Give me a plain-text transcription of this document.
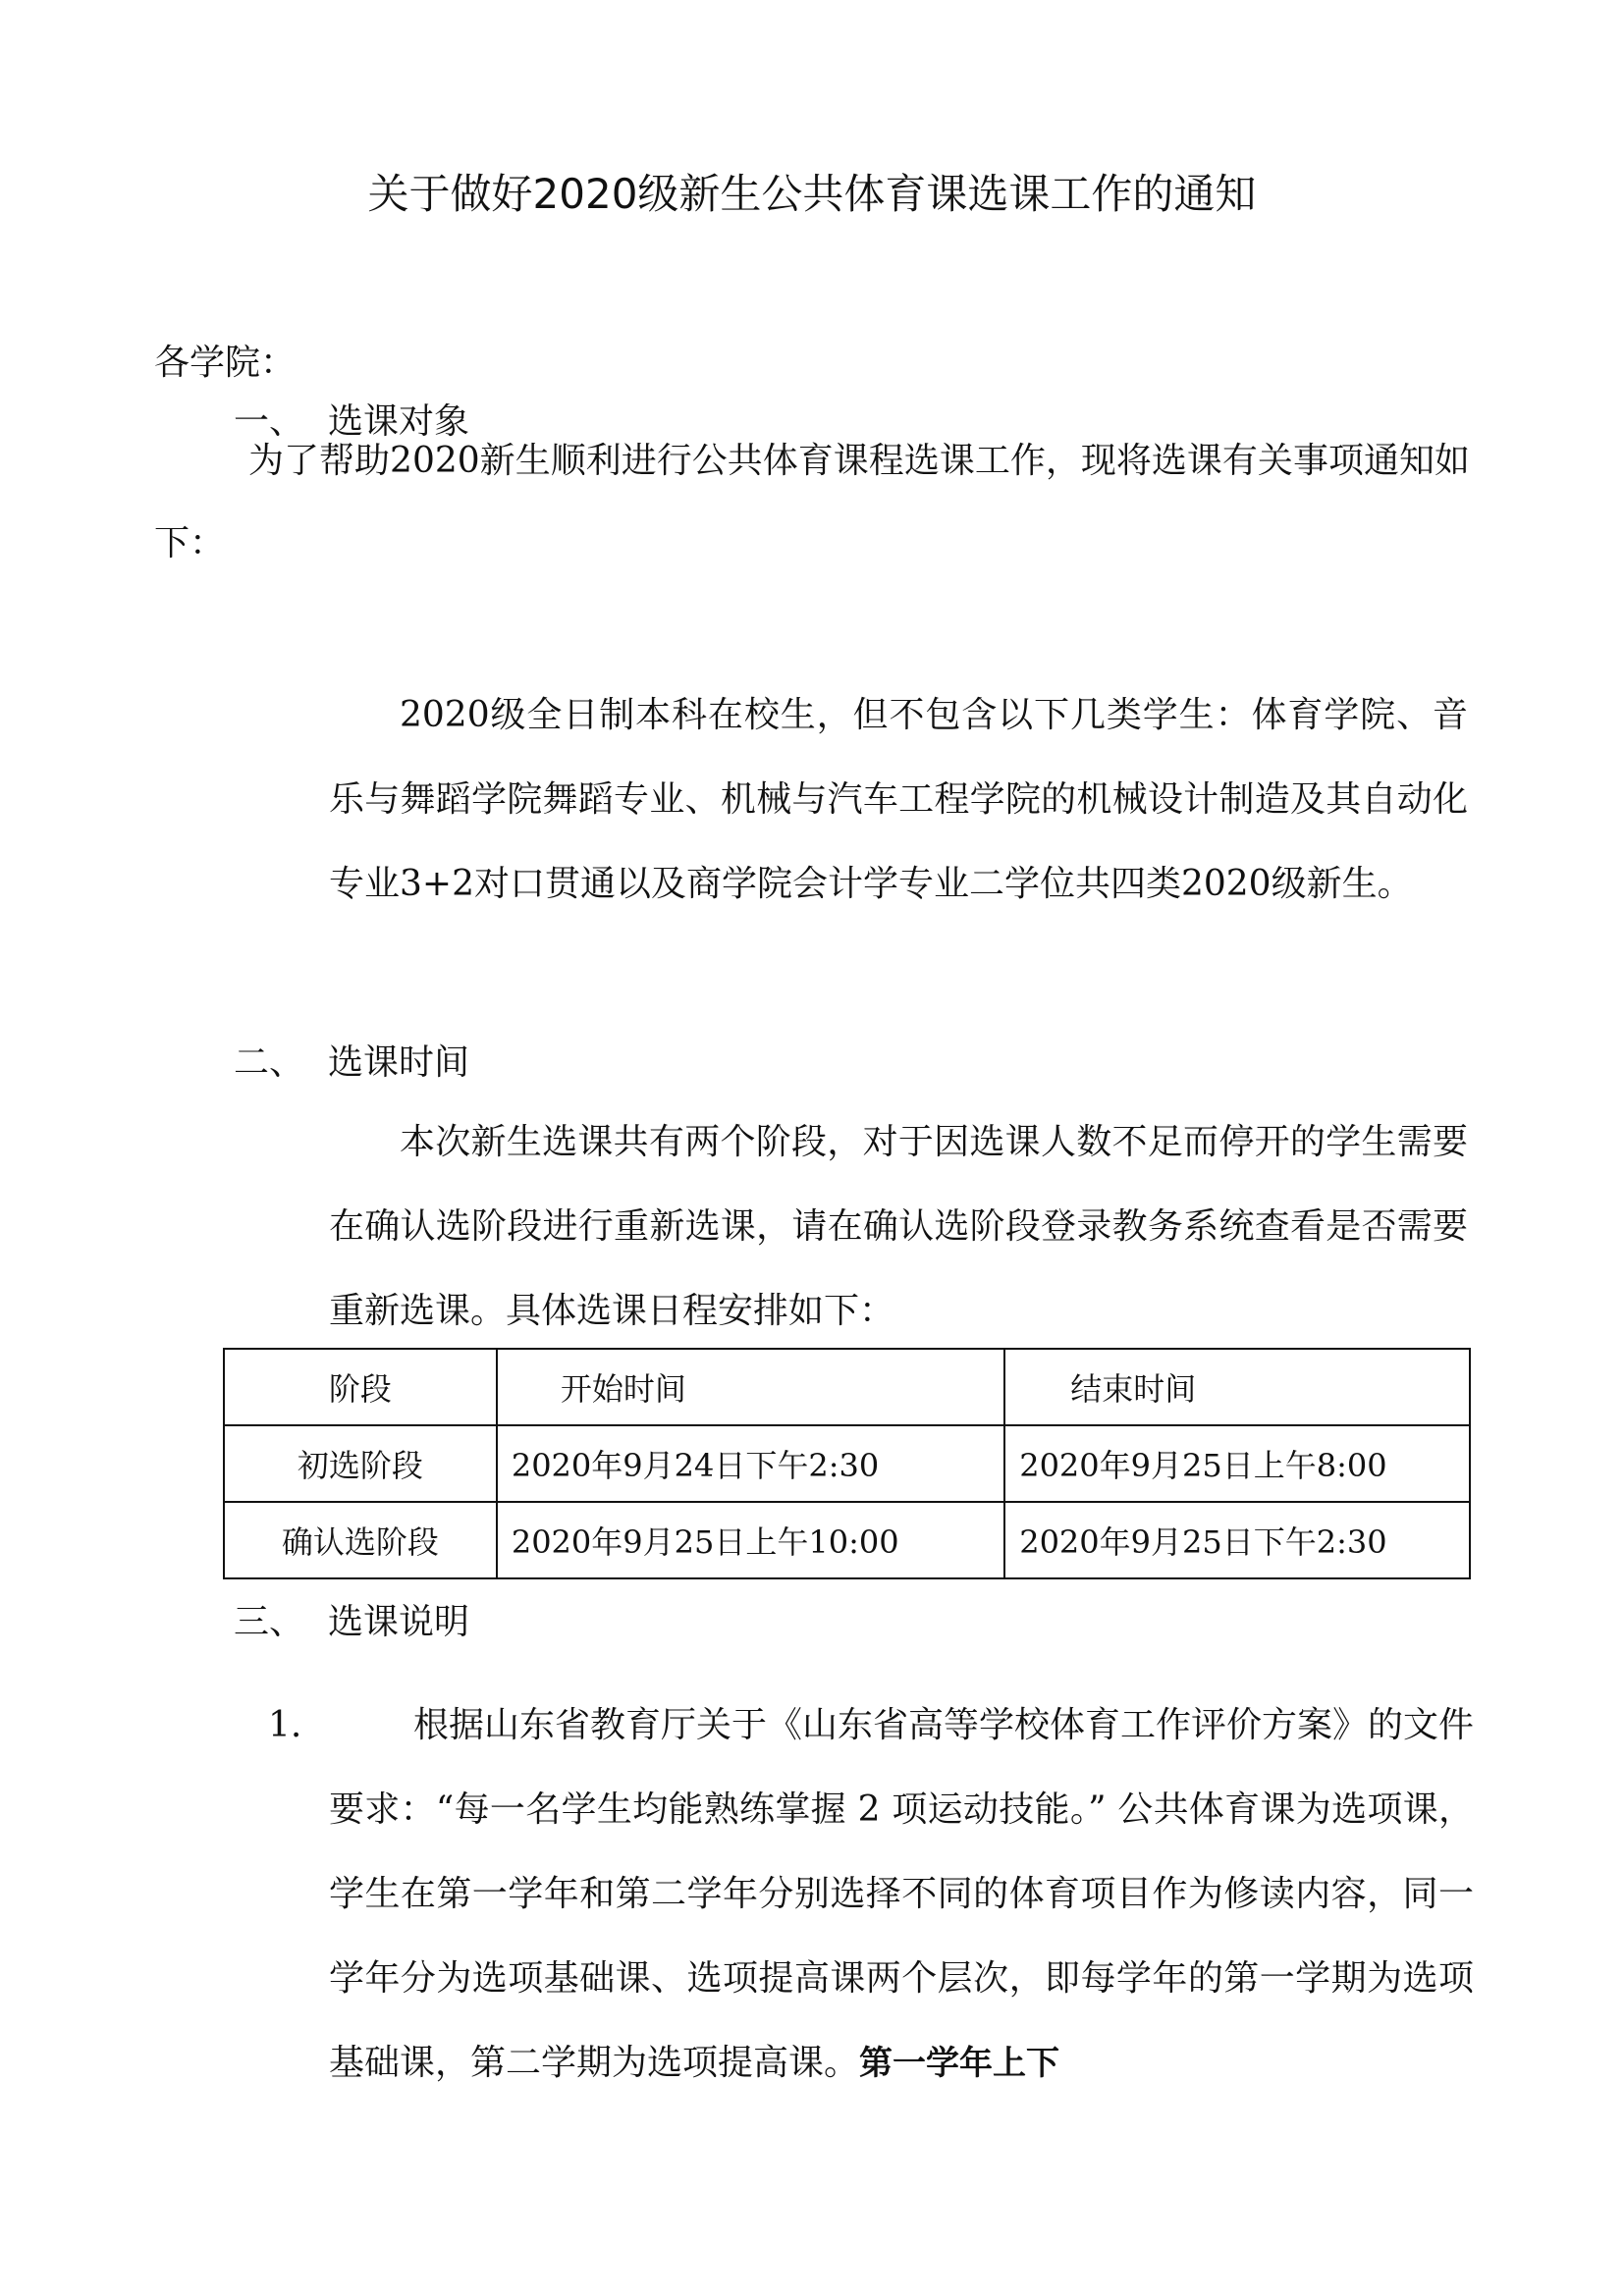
关于做好2020级新生公共体育课选课工作的通知

各学院：

为了帮助2020新生顺利进行公共体育课程选课工作，现将选课有关事项通知如下：

一、 选课对象

2020级全日制本科在校生，但不包含以下几类学生：体育学院、音乐与舞蹈学院舞蹈专业、机械与汽车工程学院的机械设计制造及其自动化专业3+2对口贯通以及商学院会计学专业二学位共四类2020级新生。

二、 选课时间

本次新生选课共有两个阶段，对于因选课人数不足而停开的学生需要在确认选阶段进行重新选课，请在确认选阶段登录教务系统查看是否需要重新选课。具体选课日程安排如下：

阶段	开始时间	结束时间
初选阶段	2020年9月24日下午2:30	2020年9月25日上午8:00
确认选阶段	2020年9月25日上午10:00	2020年9月25日下午2:30
三、 选课说明
1.	根据山东省教育厅关于《山东省高等学校体育工作评价方案》的文件要求：“每一名学生均能熟练掌握 2 项运动技能。” 公共体育课为选项课，学生在第一学年和第二学年分别选择不同的体育项目作为修读内容，同一学年分为选项基础课、选项提高课两个层次，即每学年的第一学期为选项基础课，第二学期为选项提高课。第一学年上下
